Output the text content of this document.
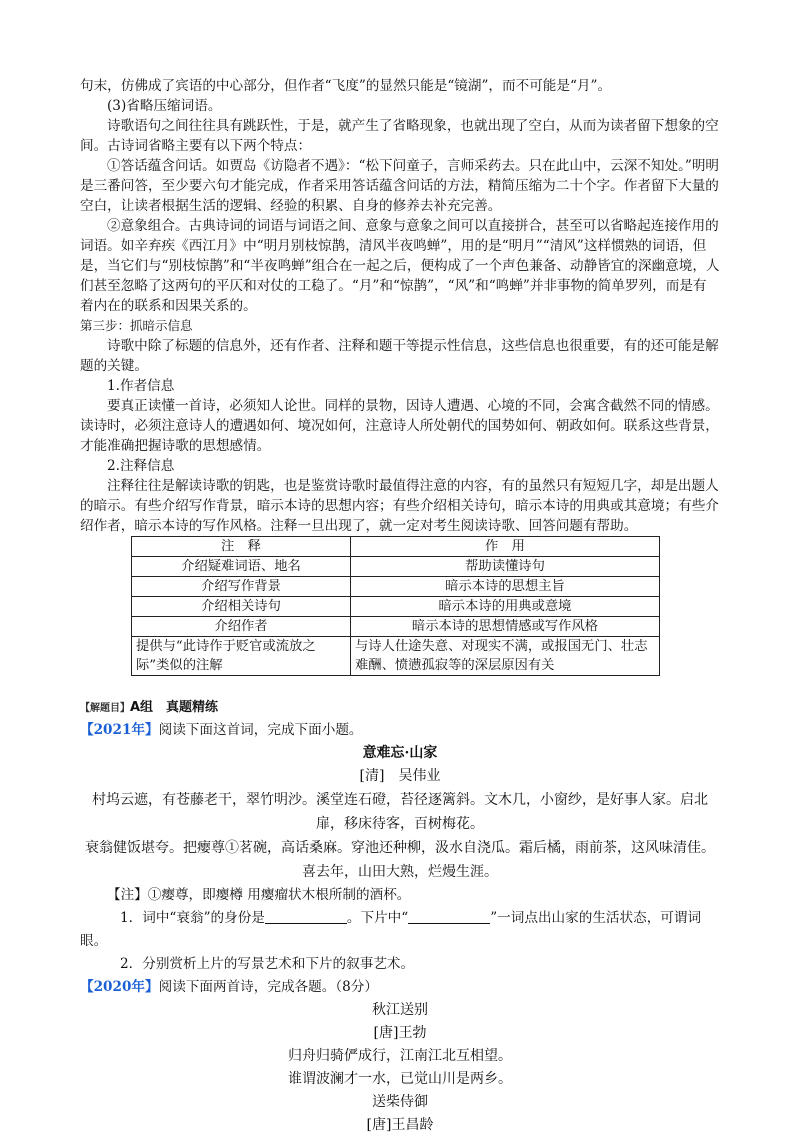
句末，仿佛成了宾语的中心部分，但作者“飞度”的显然只能是“镜湖”，而不可能是“月”。

(3)省略压缩词语。

诗歌语句之间往往具有跳跃性，于是，就产生了省略现象，也就出现了空白，从而为读者留下想象的空间。古诗词省略主要有以下两个特点：

①答话蕴含问话。如贾岛《访隐者不遇》：“松下问童子，言师采药去。只在此山中，云深不知处。”明明是三番问答，至少要六句才能完成，作者采用答话蕴含问话的方法，精简压缩为二十个字。作者留下大量的空白，让读者根据生活的逻辑、经验的积累、自身的修养去补充完善。

②意象组合。古典诗词的词语与词语之间、意象与意象之间可以直接拼合，甚至可以省略起连接作用的词语。如辛弃疾《西江月》中“明月别枝惊鹊，清风半夜鸣蝉”，用的是“明月”“清风”这样惯熟的词语，但是，当它们与“别枝惊鹊”和“半夜鸣蝉”组合在一起之后，便构成了一个声色兼备、动静皆宜的深幽意境，人们甚至忽略了这两句的平仄和对仗的工稳了。“月”和“惊鹊”，“风”和“鸣蝉”并非事物的简单罗列，而是有着内在的联系和因果关系的。

第三步：抓暗示信息

诗歌中除了标题的信息外，还有作者、注释和题干等提示性信息，这些信息也很重要，有的还可能是解题的关键。

1.作者信息

要真正读懂一首诗，必须知人论世。同样的景物，因诗人遭遇、心境的不同，会寓含截然不同的情感。读诗时，必须注意诗人的遭遇如何、境况如何，注意诗人所处朝代的国势如何、朝政如何。联系这些背景，才能准确把握诗歌的思想感情。

2.注释信息

注释往往是解读诗歌的钥匙，也是鉴赏诗歌时最值得注意的内容，有的虽然只有短短几字，却是出题人的暗示。有些介绍写作背景，暗示本诗的思想内容；有些介绍相关诗句，暗示本诗的用典或其意境；有些介绍作者，暗示本诗的写作风格。注释一旦出现了，就一定对考生阅读诗歌、回答问题有帮助。

注　释	作　用
介绍疑难词语、地名	帮助读懂诗句
介绍写作背景	暗示本诗的思想主旨
介绍相关诗句	暗示本诗的用典或意境
介绍作者	暗示本诗的思想情感或写作风格
提供与“此诗作于贬官或流放之际”类似的注解	与诗人仕途失意、对现实不满，或报国无门、壮志难酬、愤懑孤寂等的深层原因有关

【解题目】A组　真题精练

【2021年】阅读下面这首词，完成下面小题。

意难忘·山家

[清]　 吴伟业

村坞云遮，有苍藤老干，翠竹明沙。溪堂连石磴，苔径逐篱斜。文木几，小窗纱，是好事人家。启北扉，移床待客，百树梅花。

衰翁健饭堪夸。把瘿尊①茗碗，高话桑麻。穿池还种柳，汲水自浇瓜。霜后橘，雨前茶，这风味清佳。喜去年，山田大熟，烂熳生涯。

【注】①瘿尊，即瘿樽 用瘿瘤状木根所制的酒杯。

1．词中“衰翁”的身份是	。下片中“	”一词点出山家的生活状态，可谓词眼。

2．分别赏析上片的写景艺术和下片的叙事艺术。

【2020年】阅读下面两首诗，完成各题。（8分）

秋江送别

[唐]王勃

归舟归骑俨成行，江南江北互相望。

谁谓波澜才一水，已觉山川是两乡。

送柴侍御

[唐]王昌龄
